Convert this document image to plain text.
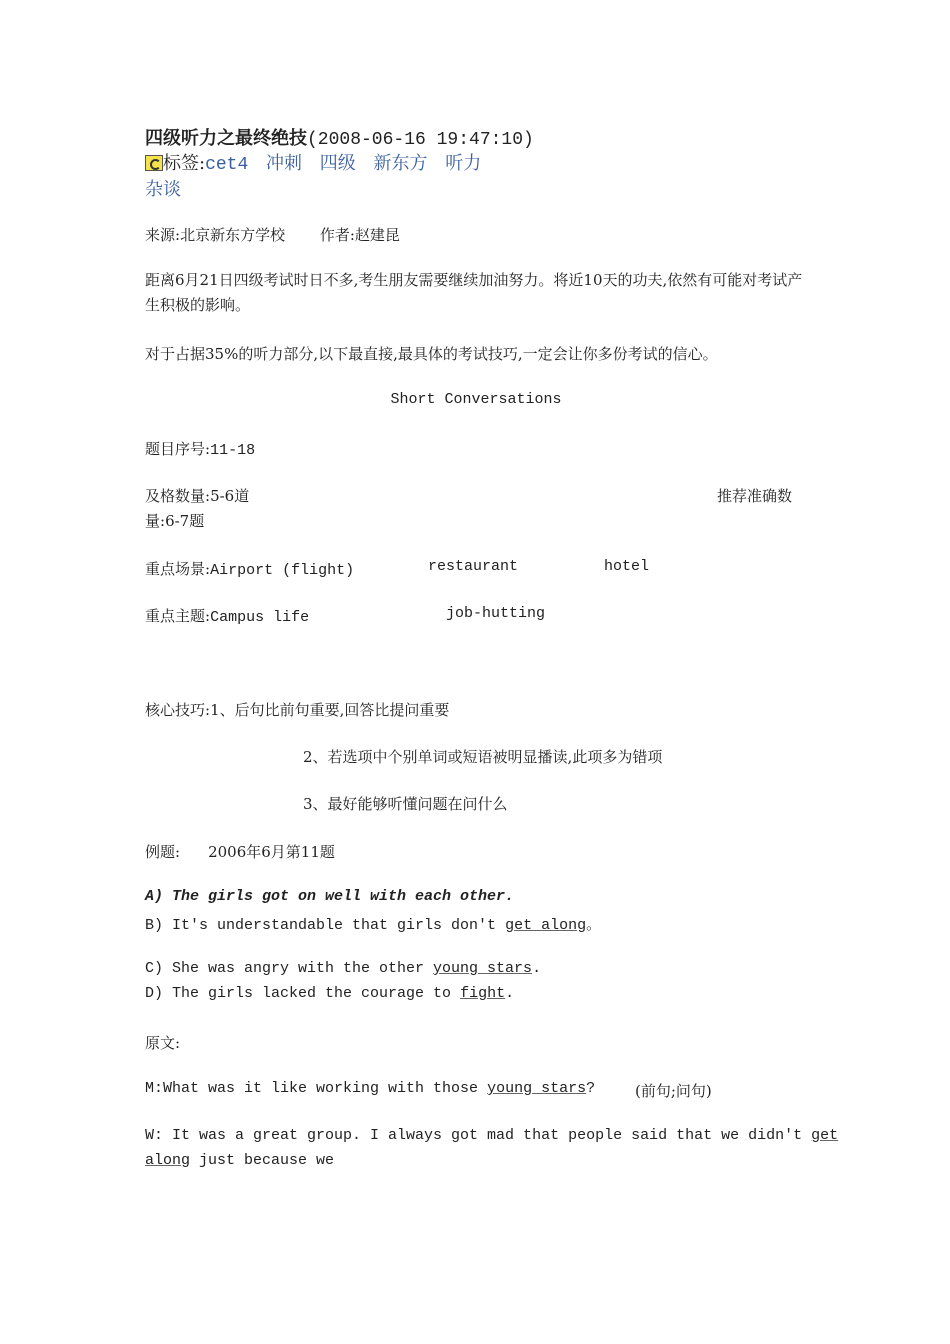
四级听力之最终绝技(2008-06-16 19:47:10)
标签:cet4 冲刺 四级 新东方 听力
杂谈
来源:北京新东方学校 作者:赵建昆
距离6月21日四级考试时日不多,考生朋友需要继续加油努力。将近10天的功夫,依然有可能对考试产生积极的影响。
对于占据35%的听力部分,以下最直接,最具体的考试技巧,一定会让你多份考试的信心。
Short Conversations
题目序号:11-18
及格数量:5-6道	推荐准确数
量:6-7题
重点场景:Airport (flight)	restaurant	hotel
重点主题:Campus life	job-hutting
核心技巧:1、后句比前句重要,回答比提问重要
2、若选项中个别单词或短语被明显播读,此项多为错项
3、最好能够听懂问题在问什么
例题: 2006年6月第11题
A) The girls got on well with each other.
B) It's understandable that girls don't get along。
C) She was angry with the other young stars.
D) The girls lacked the courage to fight.
原文:
M:What was it like working with those young stars?	(前句;问句)
W: It was a great group. I always got mad that people said that we didn't get
along just because we
